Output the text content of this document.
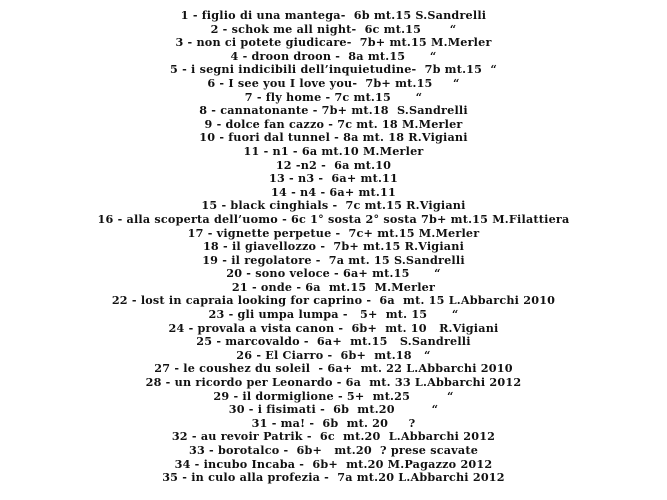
1 - figlio di una mantega-  6b mt.15 S.Sandrelli
2 - schok me all night-  6c mt.15       “
3 - non ci potete giudicare-  7b+ mt.15 M.Merler
4 - droon droon -  8a mt.15      “
5 - i segni indicibili dell’inquietudine-  7b mt.15  “
6 - I see you I love you-  7b+ mt.15     “
7 - fly home - 7c mt.15      “
8 - cannatonante - 7b+ mt.18  S.Sandrelli
9 - dolce fan cazzo - 7c mt. 18 M.Merler
10 - fuori dal tunnel - 8a mt. 18 R.Vigiani
11 - n1 - 6a mt.10 M.Merler
12 -n2 -  6a mt.10
13 - n3 -  6a+ mt.11
14 - n4 - 6a+ mt.11
15 - black cinghials -  7c mt.15 R.Vigiani
16 - alla scoperta dell’uomo - 6c 1° sosta 2° sosta 7b+ mt.15 M.Filattiera
17 - vignette perpetue -  7c+ mt.15 M.Merler
18 - il giavellozzo -  7b+ mt.15 R.Vigiani
19 - il regolatore -  7a mt. 15 S.Sandrelli
20 - sono veloce - 6a+ mt.15      “
21 - onde - 6a  mt.15  M.Merler
22 - lost in capraia looking for caprino -  6a  mt. 15 L.Abbarchi 2010
23 - gli umpa lumpa -   5+  mt. 15      “
24 - provala a vista canon -  6b+  mt. 10   R.Vigiani
25 - marcovaldo -  6a+  mt.15   S.Sandrelli
26 - El Ciarro -  6b+  mt.18   “
27 - le coushez du soleil  - 6a+  mt. 22 L.Abbarchi 2010
28 - un ricordo per Leonardo - 6a  mt. 33 L.Abbarchi 2012
29 - il dormiglione - 5+  mt.25         “
30 - i fisimati -  6b  mt.20         “
31 - ma! -  6b  mt. 20     ?
32 - au revoir Patrik -  6c  mt.20  L.Abbarchi 2012
33 - borotalco -  6b+   mt.20  ? prese scavate
34 - incubo Incaba -  6b+  mt.20 M.Pagazzo 2012
35 - in culo alla profezia -  7a mt.20 L.Abbarchi 2012
